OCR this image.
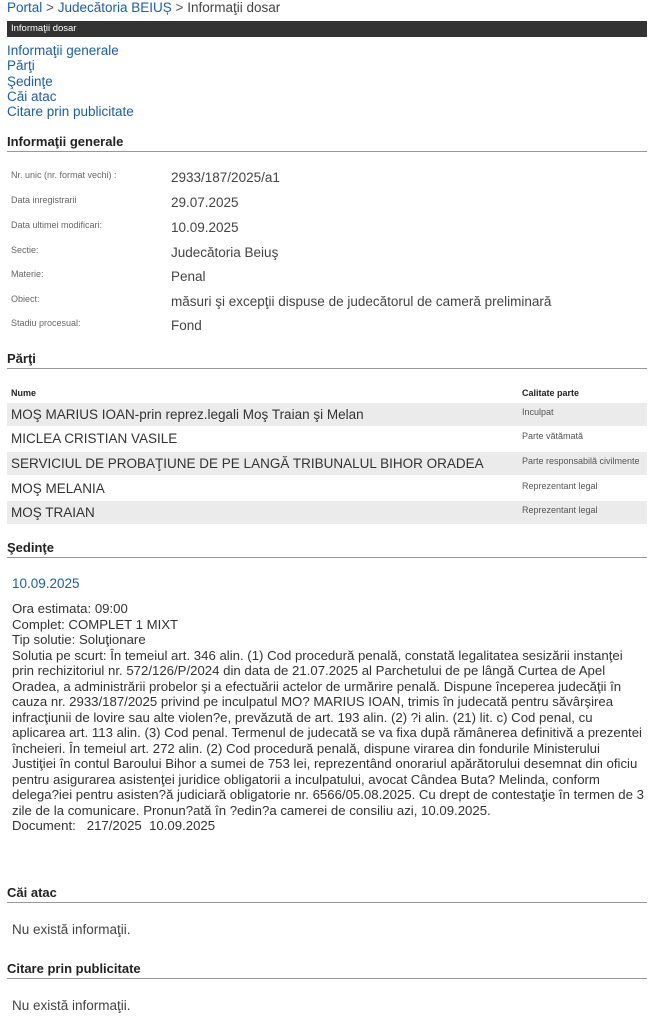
Portal > Judecătoria BEIUȘ > Informaţii dosar
Informaţii dosar
Informaţii generale
Părţi
Şedinţe
Căi atac
Citare prin publicitate
Informaţii generale
Nr. unic (nr. format vechi) :	2933/187/2025/a1
Data inregistrarii	29.07.2025
Data ultimei modificari:	10.09.2025
Sectie:	Judecătoria Beiuş
Materie:	Penal
Obiect:	măsuri şi excepţii dispuse de judecătorul de cameră preliminară
Stadiu procesual:	Fond
Părţi
Nume	Calitate parte
MOŞ MARIUS IOAN-prin reprez.legali Moş Traian şi Melan	Inculpat
MICLEA CRISTIAN VASILE	Parte vătămată
SERVICIUL DE PROBAŢIUNE DE PE LANGĂ TRIBUNALUL BIHOR ORADEA	Parte responsabilă civilmente
MOŞ MELANIA	Reprezentant legal
MOŞ TRAIAN	Reprezentant legal
Şedinţe
10.09.2025
Ora estimata: 09:00
Complet: COMPLET 1 MIXT
Tip solutie: Soluţionare
Solutia pe scurt: În temeiul art. 346 alin. (1) Cod procedură penală, constată legalitatea sesizării instanţei prin rechizitoriul nr. 572/126/P/2024 din data de 21.07.2025 al Parchetului de pe lângă Curtea de Apel Oradea, a administrării probelor şi a efectuării actelor de urmărire penală. Dispune începerea judecăţii în cauza nr. 2933/187/2025 privind pe inculpatul MO? MARIUS IOAN, trimis în judecată pentru săvârşirea infracţiunii de lovire sau alte violen?e, prevăzută de art. 193 alin. (2) ?i alin. (21) lit. c) Cod penal, cu aplicarea art. 113 alin. (3) Cod penal. Termenul de judecată se va fixa după rămânerea definitivă a prezentei încheieri. În temeiul art. 272 alin. (2) Cod procedură penală, dispune virarea din fondurile Ministerului Justiţiei în contul Baroului Bihor a sumei de 753 lei, reprezentând onorariul apărătorului desemnat din oficiu pentru asigurarea asistenţei juridice obligatorii a inculpatului, avocat Cândea Buta? Melinda, conform delega?iei pentru asisten?ă judiciară obligatorie nr. 6566/05.08.2025. Cu drept de contestaţie în termen de 3 zile de la comunicare. Pronun?ată în ?edin?a camerei de consiliu azi, 10.09.2025.
Document:   217/2025  10.09.2025
Căi atac
Nu există informaţii.
Citare prin publicitate
Nu există informaţii.
